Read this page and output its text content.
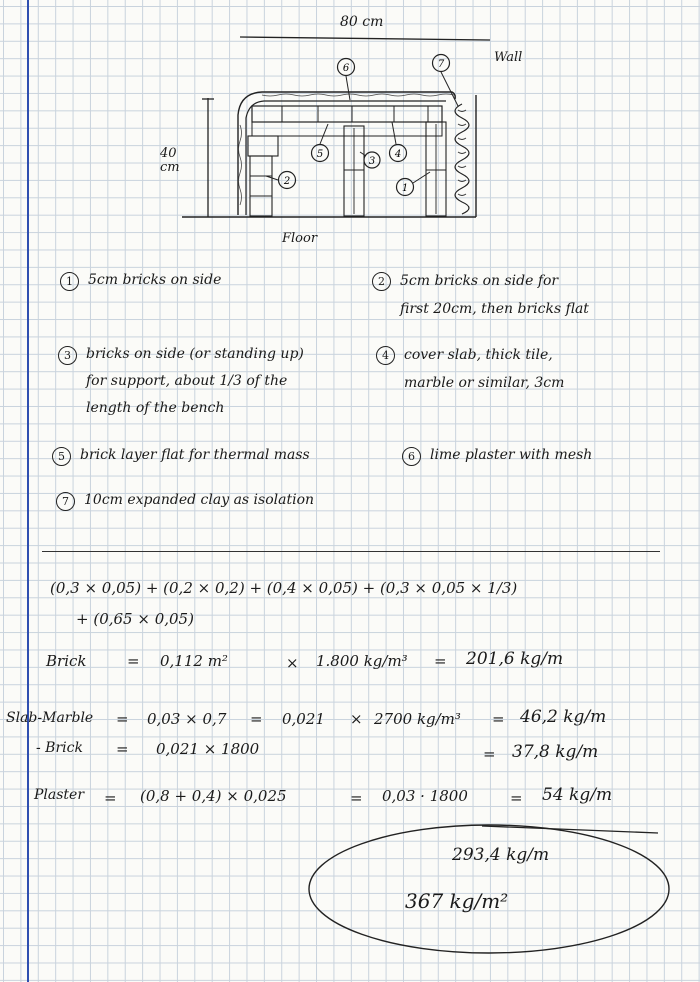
6	7
5
3
4
2
1
80 cm
40 cm
Wall
Floor
1	5cm bricks on side	2	5cm bricks on side for
first 20cm, then bricks flat
3	bricks on side (or standing up)
for support, about 1/3 of the
length of the bench
4	cover slab, thick tile,
marble or similar, 3cm
5	brick layer flat for thermal mass	6	lime plaster with mesh
7	10cm expanded clay as isolation
(0,3 × 0,05) + (0,2 × 0,2) + (0,4 × 0,05) + (0,3 × 0,05 × 1/3)
+ (0,65 × 0,05)
Brick	= 0,112 m²	× 1.800 kg/m³ = 201,6 kg/m
Slab-Marble = 0,03 × 0,7 = 0,021 × 2700 kg/m³ = 46,2 kg/m
- Brick = 0,021 × 1800	= 37,8 kg/m
Plaster = (0,8 + 0,4) × 0,025	= 0,03 · 1800	= 54 kg/m
293,4 kg/m
367 kg/m²
